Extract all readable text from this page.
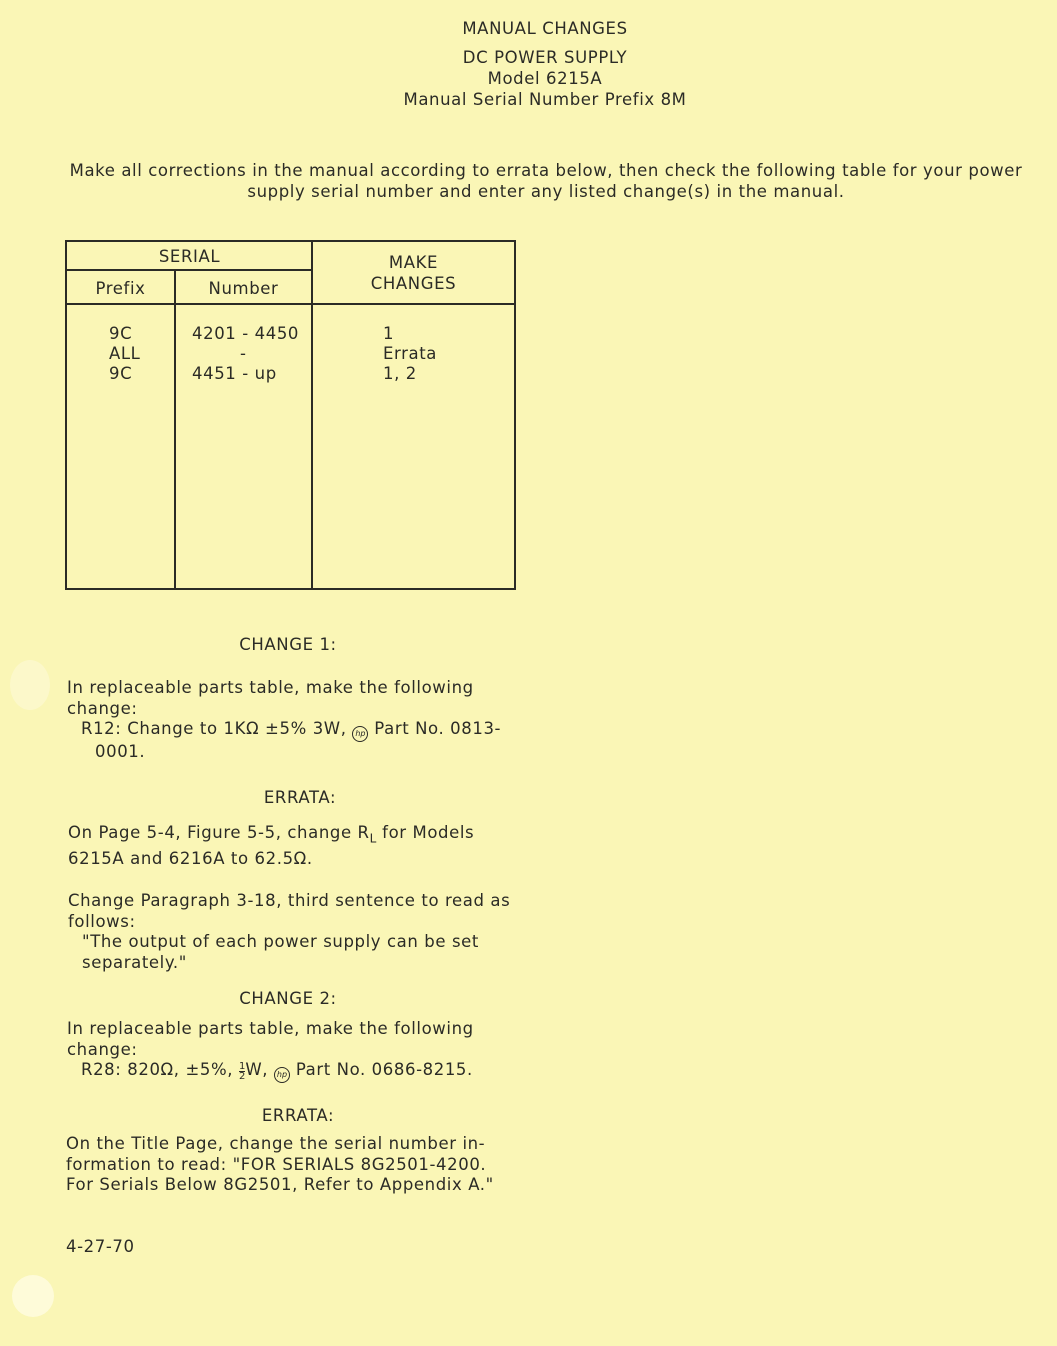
MANUAL CHANGES
DC POWER SUPPLY
Model 6215A
Manual Serial Number Prefix 8M
Make all corrections in the manual according to errata below, then check the following table for your power
supply serial number and enter any listed change(s) in the manual.
SERIAL
Prefix	Number
MAKE
CHANGES
9C
ALL
9C
4201 - 4450
-
4451 - up
1
Errata
1, 2
CHANGE 1:
In replaceable parts table, make the following
change:
R12: Change to 1KΩ ±5% 3W, hp Part No. 0813-
0001.
ERRATA:
On Page 5-4, Figure 5-5, change $R_L$ for Models
6215A and 6216A to 62.5Ω.
Change Paragraph 3-18, third sentence to read as
follows:
"The output of each power supply can be set
separately."
CHANGE 2:
In replaceable parts table, make the following
change:
R28: 820Ω, ±5%, $\frac{1}{2} W$, hp Part No. 0686-8215.
ERRATA:
On the Title Page, change the serial number in-
formation to read: "FOR SERIALS 8G2501-4200.
For Serials Below 8G2501, Refer to Appendix A."
4-27-70
